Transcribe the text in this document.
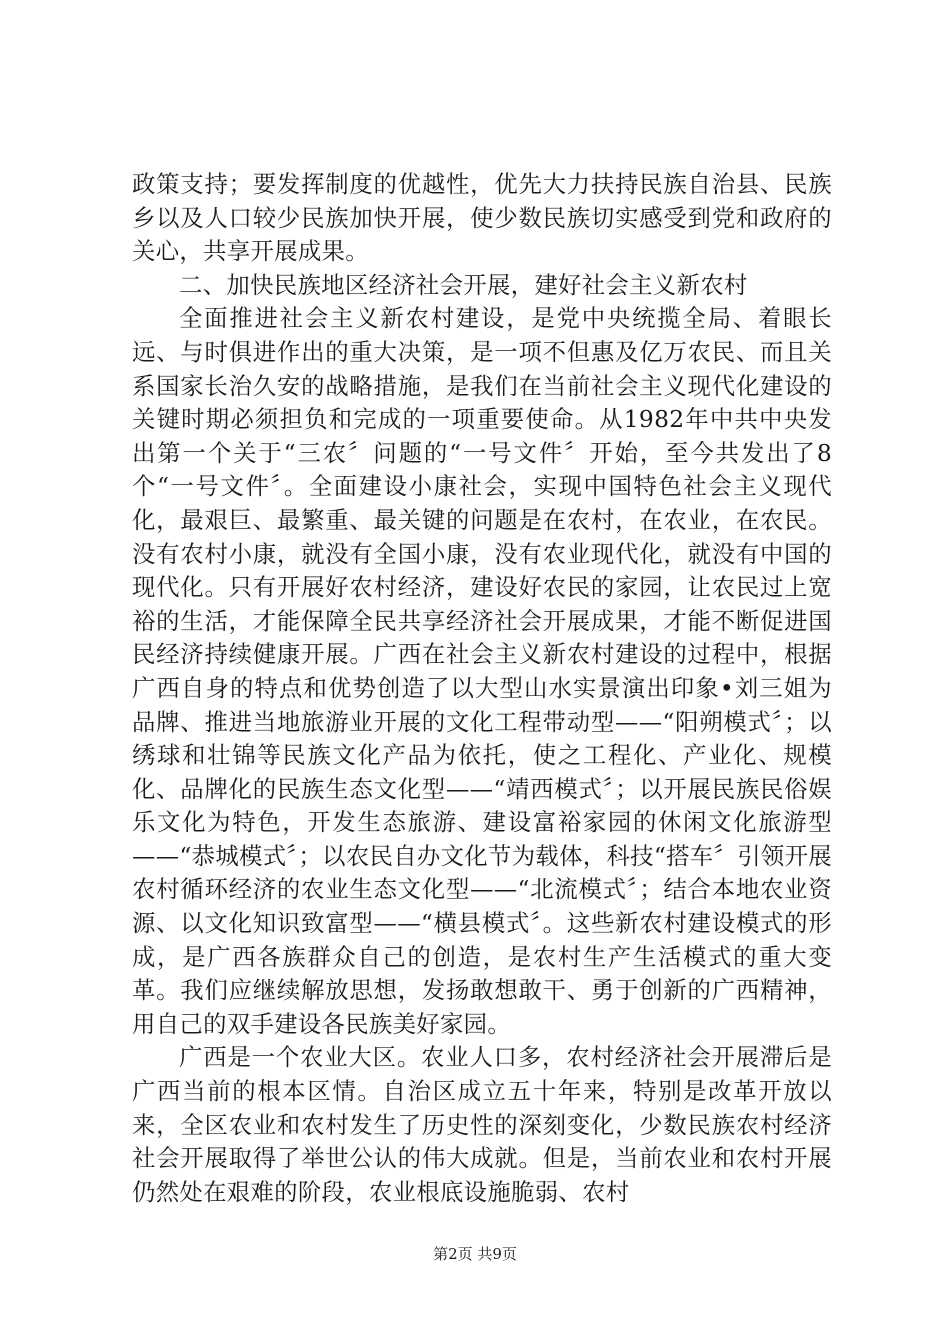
政策支持；要发挥制度的优越性，优先大力扶持民族自治县、民族乡以及人口较少民族加快开展，使少数民族切实感受到党和政府的关心，共享开展成果。

二、加快民族地区经济社会开展，建好社会主义新农村

全面推进社会主义新农村建设，是党中央统揽全局、着眼长远、与时俱进作出的重大决策，是一项不但惠及亿万农民、而且关系国家长治久安的战略措施，是我们在当前社会主义现代化建设的关键时期必须担负和完成的一项重要使命。从1982年中共中央发出第一个关于“三农〞问题的“一号文件〞开始，至今共发出了8个“一号文件〞。全面建设小康社会，实现中国特色社会主义现代化，最艰巨、最繁重、最关键的问题是在农村，在农业，在农民。没有农村小康，就没有全国小康，没有农业现代化，就没有中国的现代化。只有开展好农村经济，建设好农民的家园，让农民过上宽裕的生活，才能保障全民共享经济社会开展成果，才能不断促进国民经济持续健康开展。广西在社会主义新农村建设的过程中，根据广西自身的特点和优势创造了以大型山水实景演出印象•刘三姐为品牌、推进当地旅游业开展的文化工程带动型——“阳朔模式〞；以绣球和壮锦等民族文化产品为依托，使之工程化、产业化、规模化、品牌化的民族生态文化型——“靖西模式〞；以开展民族民俗娱乐文化为特色，开发生态旅游、建设富裕家园的休闲文化旅游型——“恭城模式〞；以农民自办文化节为载体，科技“搭车〞引领开展农村循环经济的农业生态文化型——“北流模式〞；结合本地农业资源、以文化知识致富型——“横县模式〞。这些新农村建设模式的形成，是广西各族群众自己的创造，是农村生产生活模式的重大变革。我们应继续解放思想，发扬敢想敢干、勇于创新的广西精神，用自己的双手建设各民族美好家园。

广西是一个农业大区。农业人口多，农村经济社会开展滞后是广西当前的根本区情。自治区成立五十年来，特别是改革开放以来，全区农业和农村发生了历史性的深刻变化，少数民族农村经济社会开展取得了举世公认的伟大成就。但是，当前农业和农村开展仍然处在艰难的阶段，农业根底设施脆弱、农村

第2页 共9页
